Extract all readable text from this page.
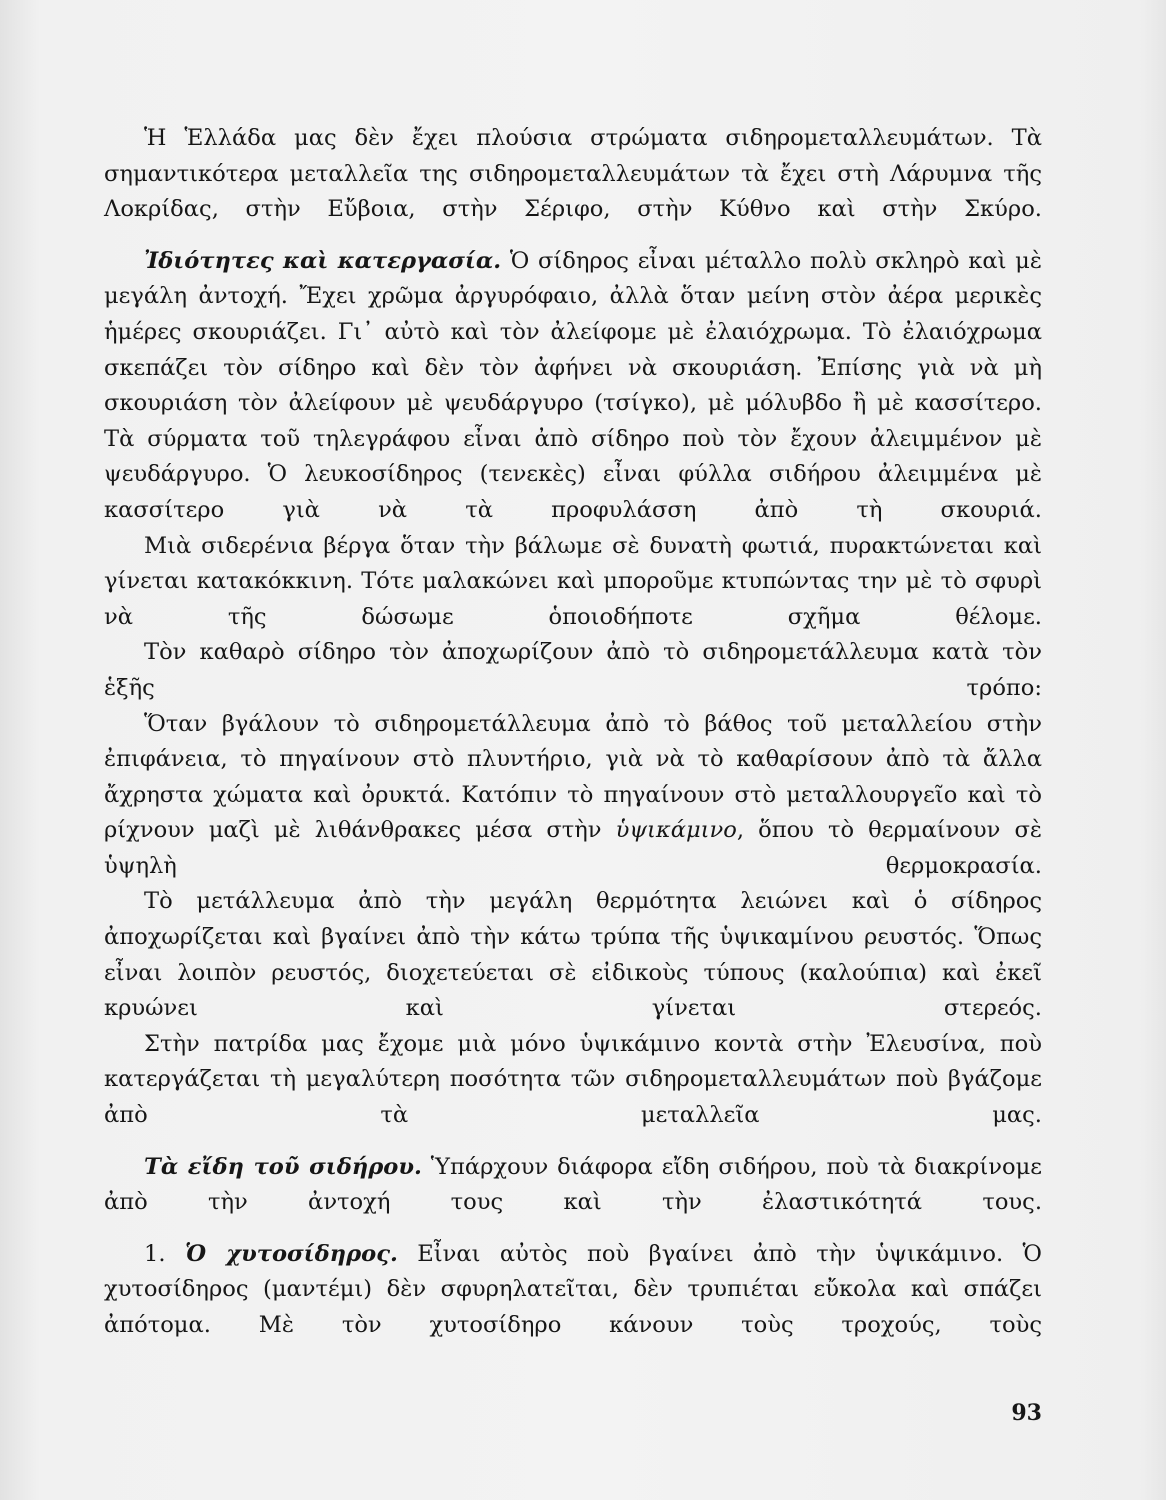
Ἡ Ἑλλάδα μας δὲν ἔχει πλούσια στρώματα σιδηρομεταλλευμάτων. Τὰ σημαντικότερα μεταλλεῖα της σιδηρομεταλλευμάτων τὰ ἔχει στὴ Λάρυμνα τῆς Λοκρίδας, στὴν Εὔβοια, στὴν Σέριφο, στὴν Κύθνο καὶ στὴν Σκύρο.

Ἰδιότητες καὶ κατεργασία. Ὁ σίδηρος εἶναι μέταλλο πολὺ σκληρὸ καὶ μὲ μεγάλη ἀντοχή. Ἔχει χρῶμα ἀργυρόφαιο, ἀλλὰ ὅταν μείνη στὸν ἀέρα μερικὲς ἡμέρες σκουριάζει. Γι᾿ αὐτὸ καὶ τὸν ἀλείφομε μὲ ἐλαιόχρωμα. Τὸ ἐλαιόχρωμα σκεπάζει τὸν σίδηρο καὶ δὲν τὸν ἀφήνει νὰ σκουριάση. Ἐπίσης γιὰ νὰ μὴ σκουριάση τὸν ἀλείφουν μὲ ψευδάργυρο (τσίγκο), μὲ μόλυβδο ἢ μὲ κασσίτερο. Τὰ σύρματα τοῦ τηλεγράφου εἶναι ἀπὸ σίδηρο ποὺ τὸν ἔχουν ἀλειμμένον μὲ ψευδάργυρο. Ὁ λευκοσίδηρος (τενεκὲς) εἶναι φύλλα σιδήρου ἀλειμμένα μὲ κασσίτερο γιὰ νὰ τὰ προφυλάσση ἀπὸ τὴ σκουριά.

Μιὰ σιδερένια βέργα ὅταν τὴν βάλωμε σὲ δυνατὴ φωτιά, πυρακτώνεται καὶ γίνεται κατακόκκινη. Τότε μαλακώνει καὶ μποροῦμε κτυπώντας την μὲ τὸ σφυρὶ νὰ τῆς δώσωμε ὁποιοδήποτε σχῆμα θέλομε.

Τὸν καθαρὸ σίδηρο τὸν ἀποχωρίζουν ἀπὸ τὸ σιδηρομετάλλευμα κατὰ τὸν ἑξῆς τρόπο:

Ὅταν βγάλουν τὸ σιδηρομετάλλευμα ἀπὸ τὸ βάθος τοῦ μεταλλείου στὴν ἐπιφάνεια, τὸ πηγαίνουν στὸ πλυντήριο, γιὰ νὰ τὸ καθαρίσουν ἀπὸ τὰ ἄλλα ἄχρηστα χώματα καὶ ὀρυκτά. Κατόπιν τὸ πηγαίνουν στὸ μεταλλουργεῖο καὶ τὸ ρίχνουν μαζὶ μὲ λιθάνθρακες μέσα στὴν ὑψικάμινο, ὅπου τὸ θερμαίνουν σὲ ὑψηλὴ θερμοκρασία.

Τὸ μετάλλευμα ἀπὸ τὴν μεγάλη θερμότητα λειώνει καὶ ὁ σίδηρος ἀποχωρίζεται καὶ βγαίνει ἀπὸ τὴν κάτω τρύπα τῆς ὑψικαμίνου ρευστός. Ὅπως εἶναι λοιπὸν ρευστός, διοχετεύεται σὲ εἰδικοὺς τύπους (καλούπια) καὶ ἐκεῖ κρυώνει καὶ γίνεται στερεός.

Στὴν πατρίδα μας ἔχομε μιὰ μόνο ὑψικάμινο κοντὰ στὴν Ἐλευσίνα, ποὺ κατεργάζεται τὴ μεγαλύτερη ποσότητα τῶν σιδηρομεταλλευμάτων ποὺ βγάζομε ἀπὸ τὰ μεταλλεῖα μας.

Τὰ εἴδη τοῦ σιδήρου. Ὑπάρχουν διάφορα εἴδη σιδήρου, ποὺ τὰ διακρίνομε ἀπὸ τὴν ἀντοχή τους καὶ τὴν ἐλαστικότητά τους.

1. Ὁ χυτοσίδηρος. Εἶναι αὐτὸς ποὺ βγαίνει ἀπὸ τὴν ὑψικάμινο. Ὁ χυτοσίδηρος (μαντέμι) δὲν σφυρηλατεῖται, δὲν τρυπιέται εὔκολα καὶ σπάζει ἀπότομα. Μὲ τὸν χυτοσίδηρο κάνουν τοὺς τροχούς, τοὺς

93
